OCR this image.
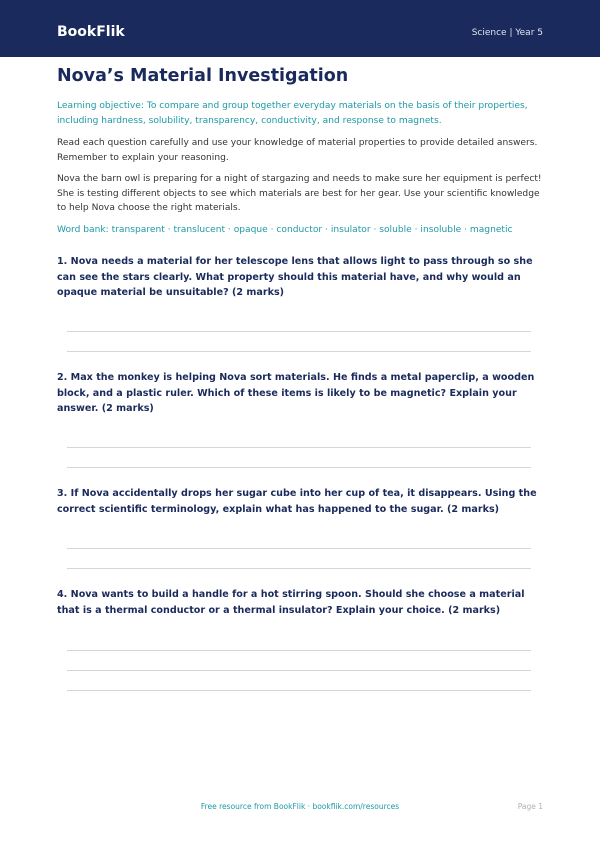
BookFlik	Science | Year 5
Nova’s Material Investigation

Learning objective: To compare and group together everyday materials on the basis of their properties, including hardness, solubility, transparency, conductivity, and response to magnets.

Read each question carefully and use your knowledge of material properties to provide detailed answers. Remember to explain your reasoning.

Nova the barn owl is preparing for a night of stargazing and needs to make sure her equipment is perfect! She is testing different objects to see which materials are best for her gear. Use your scientific knowledge to help Nova choose the right materials.

Word bank: transparent · translucent · opaque · conductor · insulator · soluble · insoluble · magnetic

1. Nova needs a material for her telescope lens that allows light to pass through so she can see the stars clearly. What property should this material have, and why would an opaque material be unsuitable? (2 marks)

2. Max the monkey is helping Nova sort materials. He finds a metal paperclip, a wooden block, and a plastic ruler. Which of these items is likely to be magnetic? Explain your answer. (2 marks)

3. If Nova accidentally drops her sugar cube into her cup of tea, it disappears. Using the correct scientific terminology, explain what has happened to the sugar. (2 marks)

4. Nova wants to build a handle for a hot stirring spoon. Should she choose a material that is a thermal conductor or a thermal insulator? Explain your choice. (2 marks)

Free resource from BookFlik · bookflik.com/resources	Page 1
